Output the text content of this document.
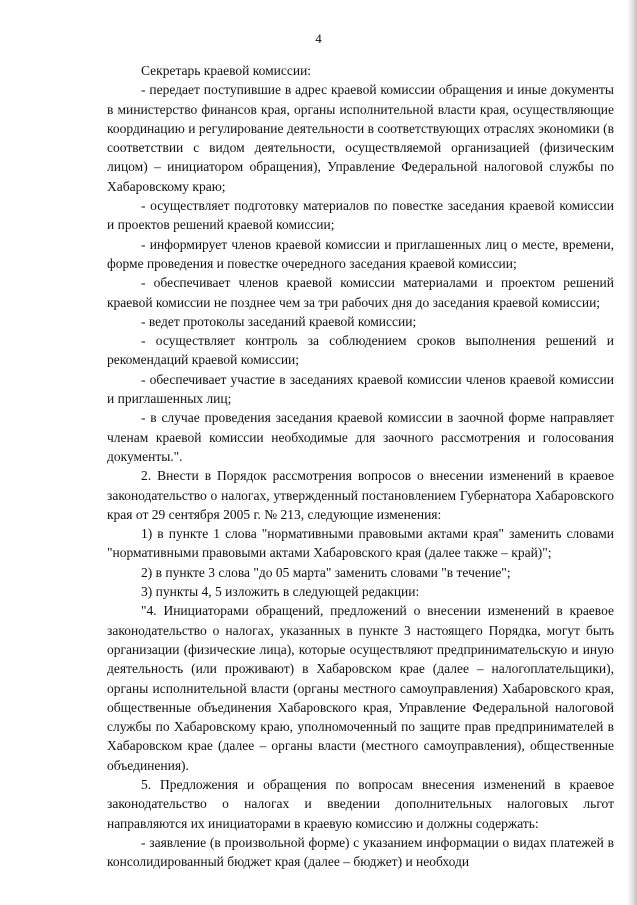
4

Секретарь краевой комиссии:

- передает поступившие в адрес краевой комиссии обращения и иные документы в министерство финансов края, органы исполнительной власти края, осуществляющие координацию и регулирование деятельности в соответствующих отраслях экономики (в соответствии с видом деятельности, осуществляемой организацией (физическим лицом) – инициатором обращения), Управление Федеральной налоговой службы по Хабаровскому краю;

- осуществляет подготовку материалов по повестке заседания краевой комиссии и проектов решений краевой комиссии;

- информирует членов краевой комиссии и приглашенных лиц о месте, времени, форме проведения и повестке очередного заседания краевой комиссии;

- обеспечивает членов краевой комиссии материалами и проектом решений краевой комиссии не позднее чем за три рабочих дня до заседания краевой комиссии;

- ведет протоколы заседаний краевой комиссии;

- осуществляет контроль за соблюдением сроков выполнения решений и рекомендаций краевой комиссии;

- обеспечивает участие в заседаниях краевой комиссии членов краевой комиссии и приглашенных лиц;

- в случае проведения заседания краевой комиссии в заочной форме направляет членам краевой комиссии необходимые для заочного рассмотрения и голосования документы.".

2. Внести в Порядок рассмотрения вопросов о внесении изменений в краевое законодательство о налогах, утвержденный постановлением Губернатора Хабаровского края от 29 сентября 2005 г. № 213, следующие изменения:

1) в пункте 1 слова "нормативными правовыми актами края" заменить словами "нормативными правовыми актами Хабаровского края (далее также – край)";

2) в пункте 3 слова "до 05 марта" заменить словами "в течение";

3) пункты 4, 5 изложить в следующей редакции:

"4. Инициаторами обращений, предложений о внесении изменений в краевое законодательство о налогах, указанных в пункте 3 настоящего Порядка, могут быть организации (физические лица), которые осуществляют предпринимательскую и иную деятельность (или проживают) в Хабаровском крае (далее – налогоплательщики), органы исполнительной власти (органы местного самоуправления) Хабаровского края, общественные объединения Хабаровского края, Управление Федеральной налоговой службы по Хабаровскому краю, уполномоченный по защите прав предпринимателей в Хабаровском крае (далее – органы власти (местного самоуправления), общественные объединения).

5. Предложения и обращения по вопросам внесения изменений в краевое законодательство о налогах и введении дополнительных налоговых льгот направляются их инициаторами в краевую комиссию и должны содержать:

- заявление (в произвольной форме) с указанием информации о видах платежей в консолидированный бюджет края (далее – бюджет) и необходи
